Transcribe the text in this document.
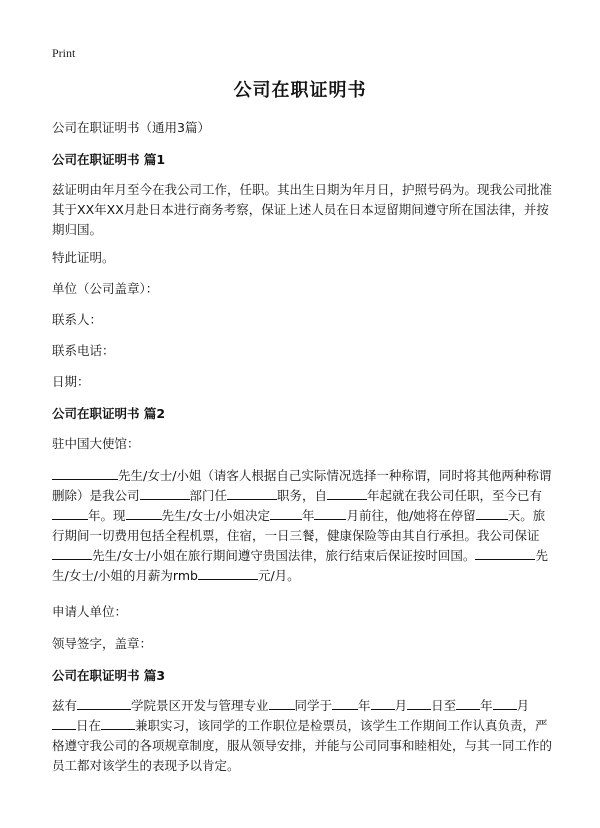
Print
公司在职证明书
公司在职证明书（通用3篇）
公司在职证明书 篇1
兹证明由年月至今在我公司工作，任职。其出生日期为年月日，护照号码为。现我公司批准其于XX年XX月赴日本进行商务考察，保证上述人员在日本逗留期间遵守所在国法律，并按期归国。
特此证明。
单位（公司盖章）：
联系人：
联系电话：
日期：
公司在职证明书 篇2
驻中国大使馆：
先生/女士/小姐（请客人根据自己实际情况选择一种称谓，同时将其他两种称谓删除）是我公司	部门任	职务，自	年起就在我公司任职，至今已有年。现	先生/女士/小姐决定	年	月前往，他/她将在停留	天。旅行期间一切费用包括全程机票，住宿，一日三餐，健康保险等由其自行承担。我公司保证先生/女士/小姐在旅行期间遵守贵国法律，旅行结束后保证按时回国。	先生/女士/小姐的月薪为rmb	元/月。
申请人单位：
领导签字，盖章：
公司在职证明书 篇3
兹有	学院景区开发与管理专业 同学于 年 月 日至 年 月日在	兼职实习，该同学的工作职位是检票员，该学生工作期间工作认真负责，严格遵守我公司的各项规章制度，服从领导安排，并能与公司同事和睦相处，与其一同工作的员工都对该学生的表现予以肯定。
